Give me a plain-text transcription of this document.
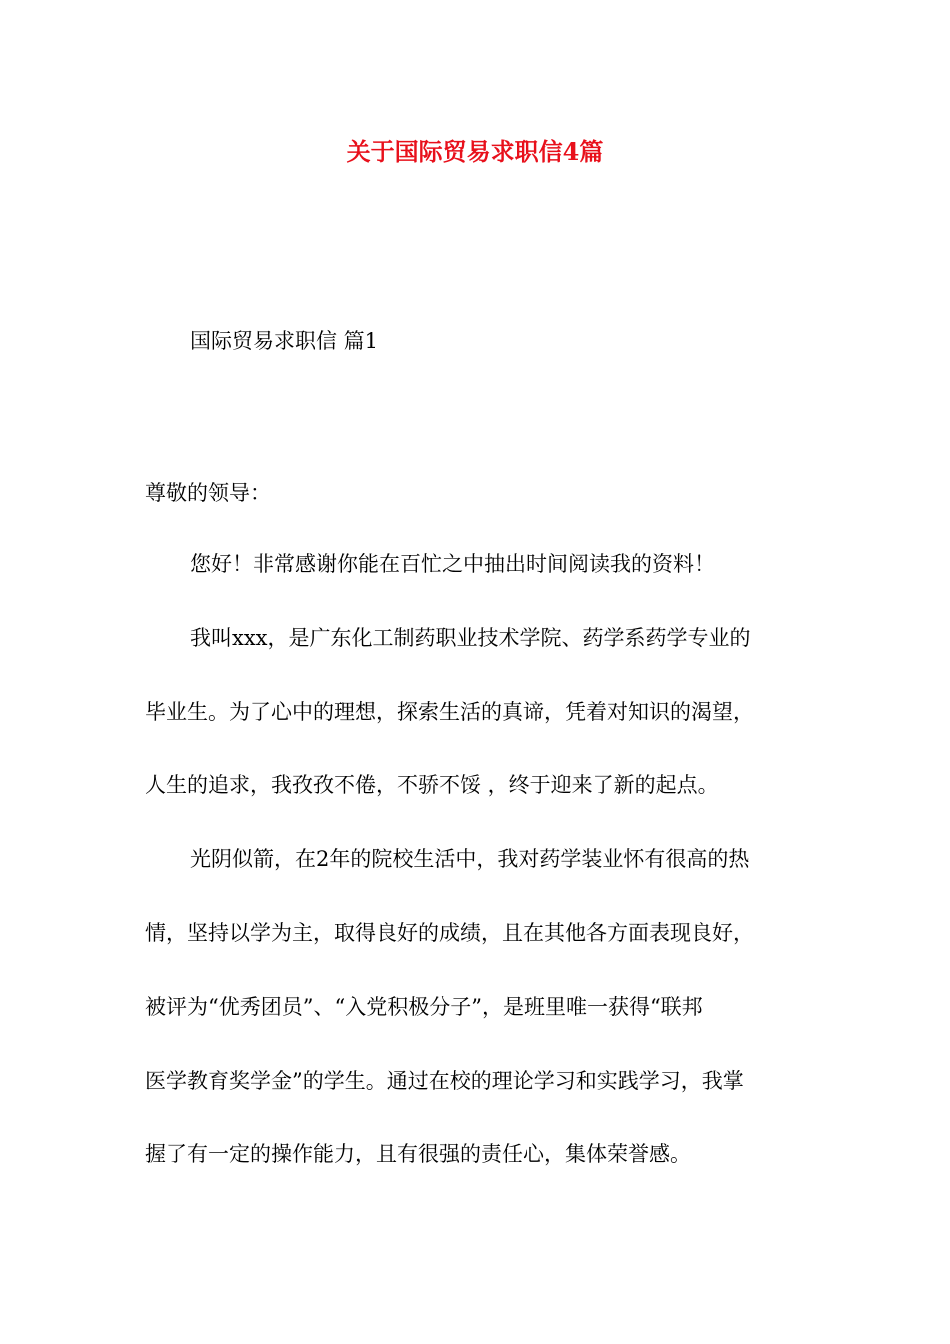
关于国际贸易求职信4篇
国际贸易求职信 篇1
尊敬的领导：
您好！非常感谢你能在百忙之中抽出时间阅读我的资料！
我叫xxx，是广东化工制药职业技术学院、药学系药学专业的
毕业生。为了心中的理想，探索生活的真谛，凭着对知识的渴望，
人生的追求，我孜孜不倦，不骄不馁 ，终于迎来了新的起点。
光阴似箭，在2年的院校生活中，我对药学装业怀有很高的热
情，坚持以学为主，取得良好的成绩，且在其他各方面表现良好，
被评为“优秀团员”、“入党积极分子”，是班里唯一获得“联邦
医学教育奖学金”的学生。通过在校的理论学习和实践学习，我掌
握了有一定的操作能力，且有很强的责任心，集体荣誉感。
